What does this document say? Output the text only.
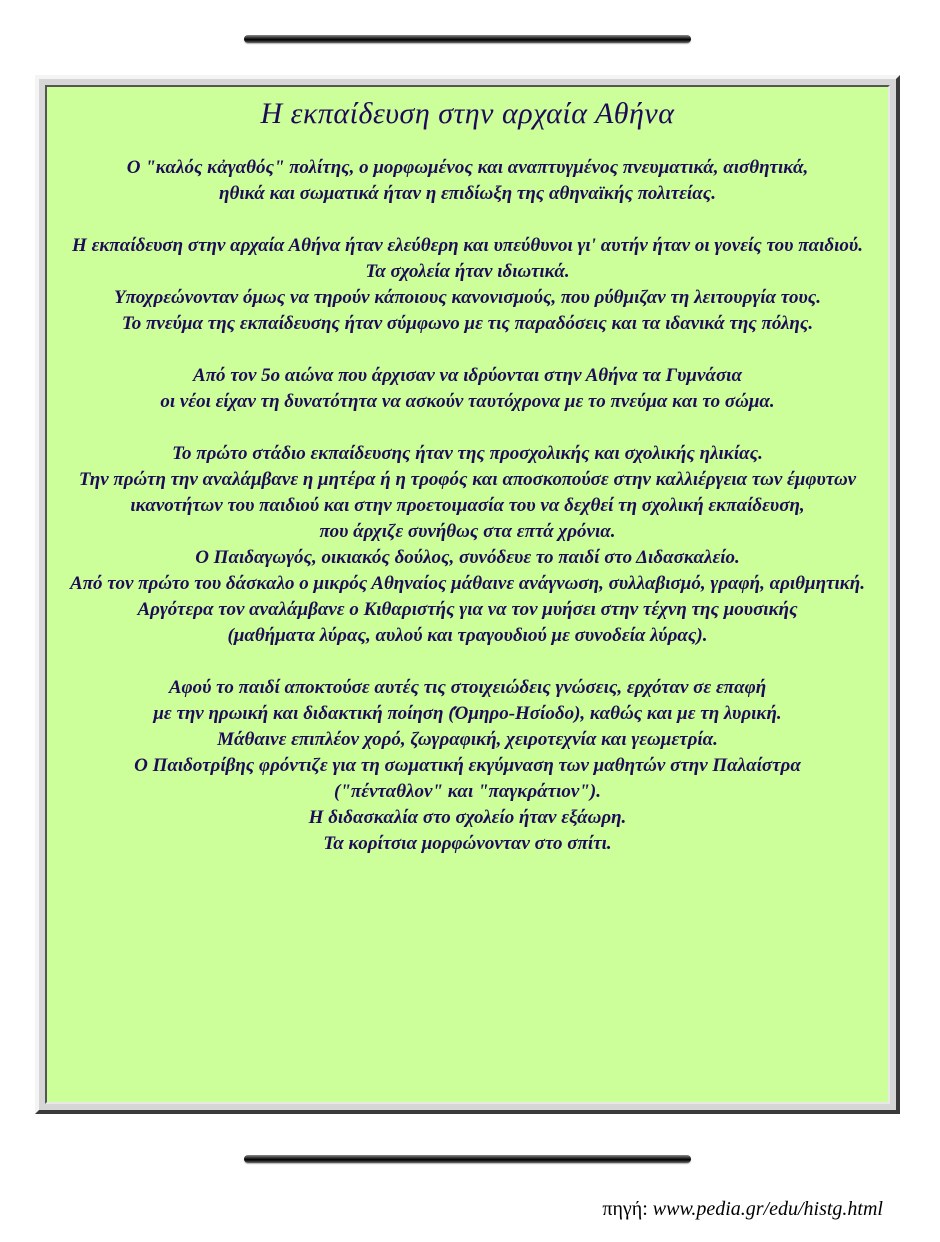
Η εκπαίδευση στην αρχαία Αθήνα

Ο "καλός κἀγαθός" πολίτης, ο μορφωμένος και αναπτυγμένος πνευματικά, αισθητικά,
ηθικά και σωματικά ήταν η επιδίωξη της αθηναϊκής πολιτείας.

Η εκπαίδευση στην αρχαία Αθήνα ήταν ελεύθερη και υπεύθυνοι γι' αυτήν ήταν οι γονείς του παιδιού.
Τα σχολεία ήταν ιδιωτικά.
Υποχρεώνονταν όμως να τηρούν κάποιους κανονισμούς, που ρύθμιζαν τη λειτουργία τους.
Το πνεύμα της εκπαίδευσης ήταν σύμφωνο με τις παραδόσεις και τα ιδανικά της πόλης.

Από τον 5ο αιώνα που άρχισαν να ιδρύονται στην Αθήνα τα Γυμνάσια
οι νέοι είχαν τη δυνατότητα να ασκούν ταυτόχρονα με το πνεύμα και το σώμα.

Το πρώτο στάδιο εκπαίδευσης ήταν της προσχολικής και σχολικής ηλικίας.
Την πρώτη την αναλάμβανε η μητέρα ή η τροφός και αποσκοπούσε στην καλλιέργεια των έμφυτων ικανοτήτων του παιδιού και στην προετοιμασία του να δεχθεί τη σχολική εκπαίδευση,
που άρχιζε συνήθως στα επτά χρόνια.
Ο Παιδαγωγός, οικιακός δούλος, συνόδευε το παιδί στο Διδασκαλείο.
Από τον πρώτο του δάσκαλο ο μικρός Αθηναίος μάθαινε ανάγνωση, συλλαβισμό, γραφή, αριθμητική. Αργότερα τον αναλάμβανε ο Κιθαριστής για να τον μυήσει στην τέχνη της μουσικής
(μαθήματα λύρας, αυλού και τραγουδιού με συνοδεία λύρας).

Αφού το παιδί αποκτούσε αυτές τις στοιχειώδεις γνώσεις, ερχόταν σε επαφή
με την ηρωική και διδακτική ποίηση (Όμηρο-Ησίοδο), καθώς και με τη λυρική.
Μάθαινε επιπλέον χορό, ζωγραφική, χειροτεχνία και γεωμετρία.
Ο Παιδοτρίβης φρόντιζε για τη σωματική εκγύμναση των μαθητών στην Παλαίστρα
("πένταθλον" και "παγκράτιον").
Η διδασκαλία στο σχολείο ήταν εξάωρη.
Τα κορίτσια μορφώνονταν στο σπίτι.

πηγή: www.pedia.gr/edu/histg.html
